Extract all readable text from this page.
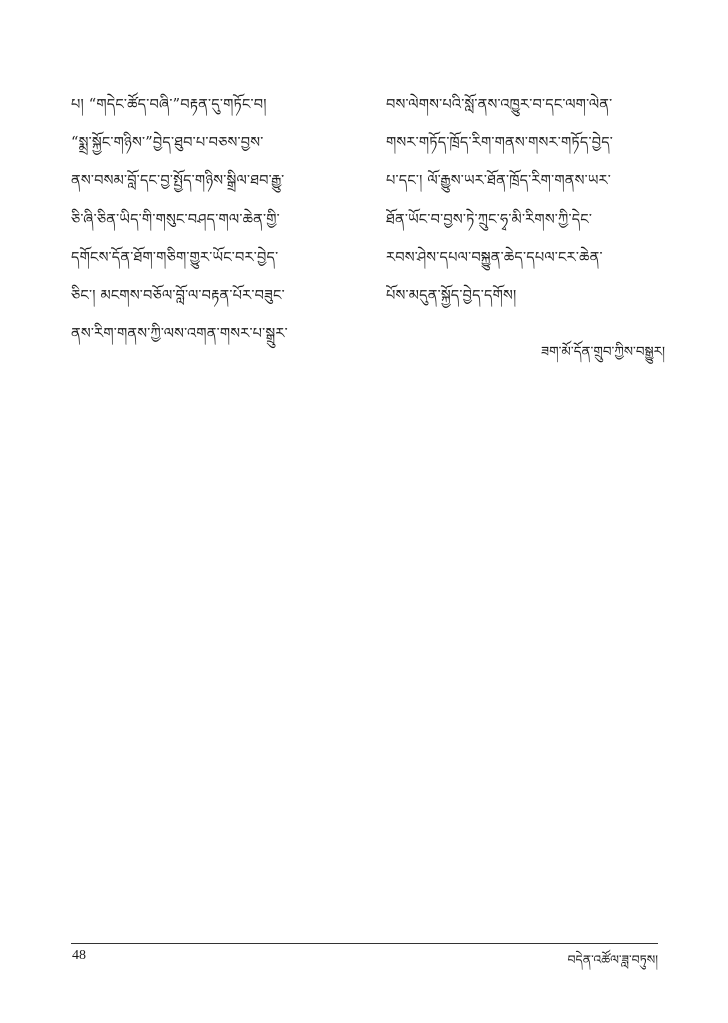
པ། “གདེང་ཚོད་བཞི་”བརྟན་དུ་གཏོང་བ།
“སྨྲ་སྐྱོང་གཉིས་”བྱེད་ཐུབ་པ་བཅས་བྱས་
ནས་བསམ་བློ་དང་བྱ་སྤྱོད་གཉིས་སྒྲིལ་ཐབ་རྒྱུ་
ཅི་ཞི་ཅིན་ཡིད་གི་གསུང་བཤད་གལ་ཆེན་གྱི་
དགོངས་དོན་ཐོག་གཅིག་གྱུར་ཡོང་བར་བྱེད་
ཅིང་། མངགས་བཅོལ་བློ་ལ་བརྟན་པོར་བཟུང་
ནས་རིག་གནས་ཀྱི་ལས་འགན་གསར་པ་སྒྲུར་
བས་ལེགས་པའི་སློ་ནས་འཁྱུར་བ་དང་ལག་ལེན་
གསར་གཏོད་ཁྲོད་རིག་གནས་གསར་གཏོད་བྱེད་
པ་དང་། ལོ་རྒྱུས་ཡར་ཐོན་ཁྲོད་རིག་གནས་ཡར་
ཐོན་ཡོང་བ་བྱས་ཏེ་ཀྲུང་ཧྭ་མི་རིགས་ཀྱི་དེང་
རབས་ཤེས་དཔལ་བསྐྱུན་ཆེད་དཔལ་ངར་ཆེན་
པོས་མདུན་སྐྱོད་བྱེད་དགོས།
ཟག་མོ་དོན་གྲུབ་ཀྱིས་བསྒྱུར།
48	བདེན་འཚོལ་ཟླ་བཏུས།
